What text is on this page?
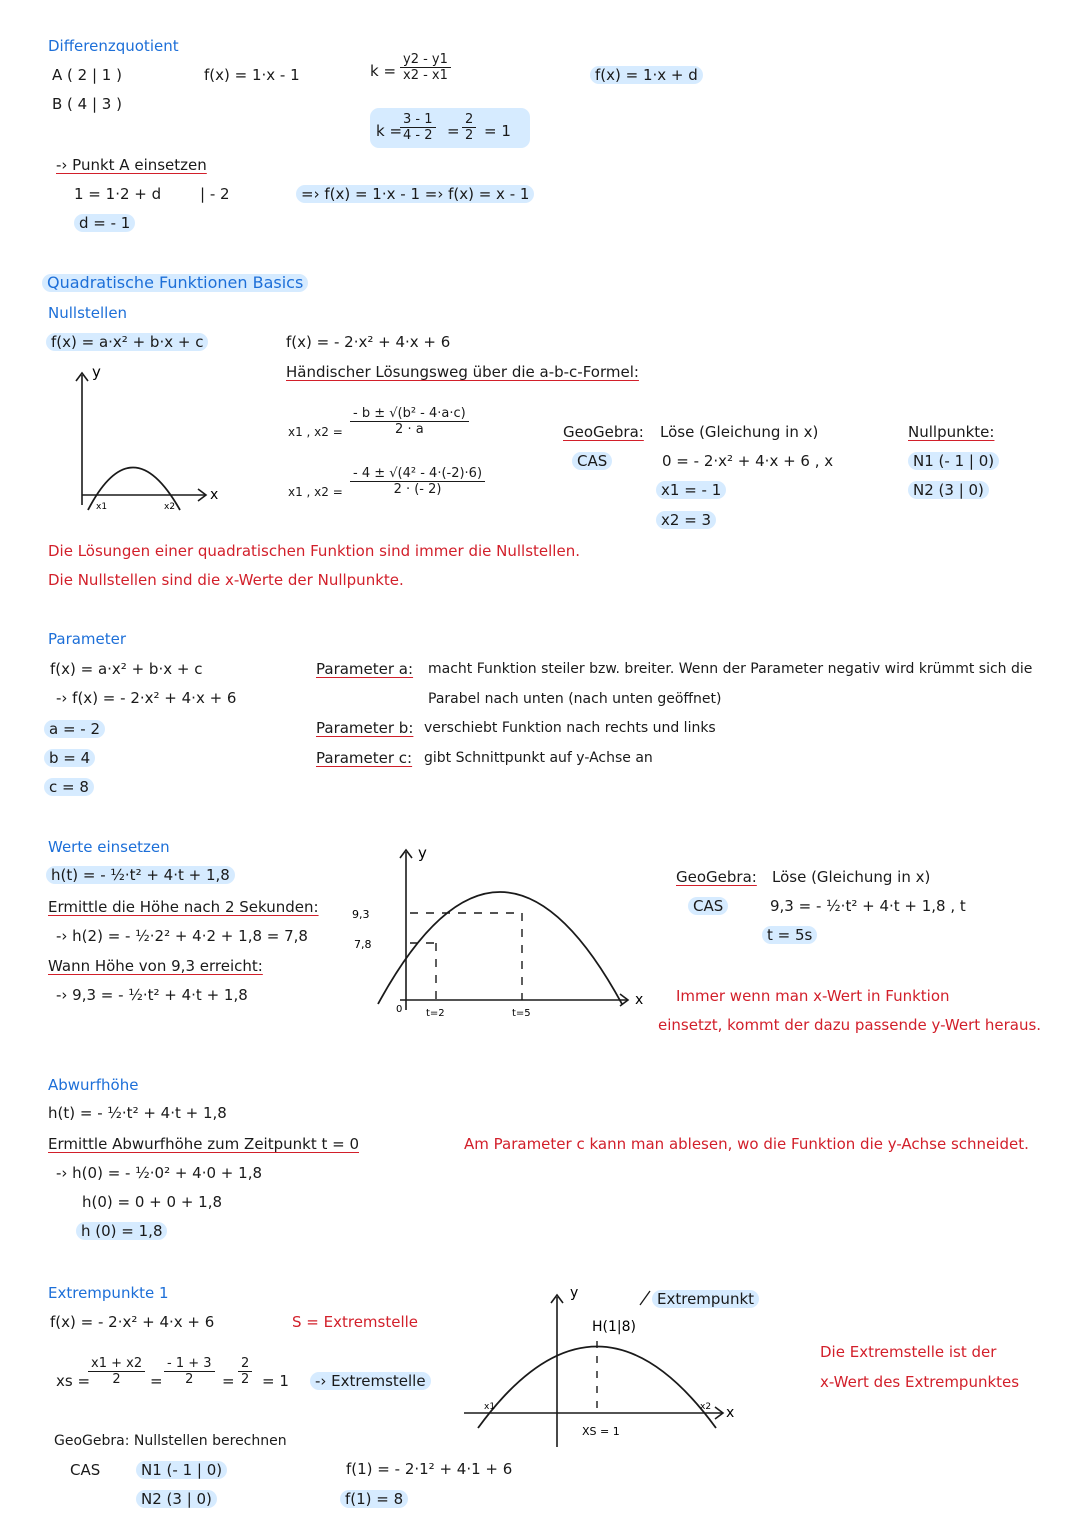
Differenzquotient
A ( 2 | 1 )
B ( 4 | 3 )
f(x) = 1·x - 1	$k = \frac{y2 - y1}{x2 - x1}$	f(x) = 1·x + d
k =
$\frac{3 - 1}{4 - 2} = \frac{2}{2} = 1$
-› Punkt A einsetzen
1 = 1·2 + d	| - 2	=› f(x) = 1·x - 1 =› f(x) = x - 1
d = - 1
Quadratische Funktionen Basics
Nullstellen
f(x) = a·x² + b·x + c
y
x
x1	x2
f(x) = - 2·x² + 4·x + 6
Händischer Lösungsweg über die a-b-c-Formel:
x1 , $x2 = \frac{\text{- b ± √(b² - 4·a·c)}}{2 \cdot a}$
x1 , $x2 = \frac{\text{- 4 ± √(4² - 4·(-2)·6)}}{2 \cdot (- 2)}$
GeoGebra:
CAS
Löse (Gleichung in x)
0 = - 2·x² + 4·x + 6 , x
x1 = - 1
x2 = 3
Nullpunkte:
N1 (- 1 | 0)
N2 (3 | 0)
Die Lösungen einer quadratischen Funktion sind immer die Nullstellen.
Die Nullstellen sind die x-Werte der Nullpunkte.
Parameter
f(x) = a·x² + b·x + c
-› f(x) = - 2·x² + 4·x + 6
a = - 2
b = 4
c = 8
Parameter a: macht Funktion steiler bzw. breiter. Wenn der Parameter negativ wird krümmt sich die
Parabel nach unten (nach unten geöffnet)
Parameter b: verschiebt Funktion nach rechts und links
Parameter c: gibt Schnittpunkt auf y-Achse an
Werte einsetzen
h(t) = - ½·t² + 4·t + 1,8
Ermittle die Höhe nach 2 Sekunden:
-› h(2) = - ½·2² + 4·2 + 1,8 = 7,8
Wann Höhe von 9,3 erreicht:
-› 9,3 = - ½·t² + 4·t + 1,8
y
x
9,3
7,8
0 t=2	t=5
GeoGebra:
CAS
Löse (Gleichung in x)
9,3 = - ½·t² + 4·t + 1,8 , t
t = 5s
Immer wenn man x-Wert in Funktion
einsetzt, kommt der dazu passende y-Wert heraus.
Abwurfhöhe
h(t) = - ½·t² + 4·t + 1,8
Ermittle Abwurfhöhe zum Zeitpunkt t = 0
-› h(0) = - ½·0² + 4·0 + 1,8
h(0) = 0 + 0 + 1,8
h (0) = 1,8
Am Parameter c kann man ablesen, wo die Funktion die y-Achse schneidet.
Extrempunkte 1
f(x) = - 2·x² + 4·x + 6	S = Extremstelle
xs =
$\frac{x1 + x2}{2} = \frac{- 1 + 3}{2} = \frac{2}{2} = 1$	-› Extremstelle
GeoGebra: Nullstellen berechnen
CAS	N1 (- 1 | 0)
N2 (3 | 0)
f(1) = - 2·1² + 4·1 + 6
f(1) = 8
y
x
H(1|8)
XS = 1
x1	x2
Extrempunkt
Die Extremstelle ist der
x-Wert des Extrempunktes
